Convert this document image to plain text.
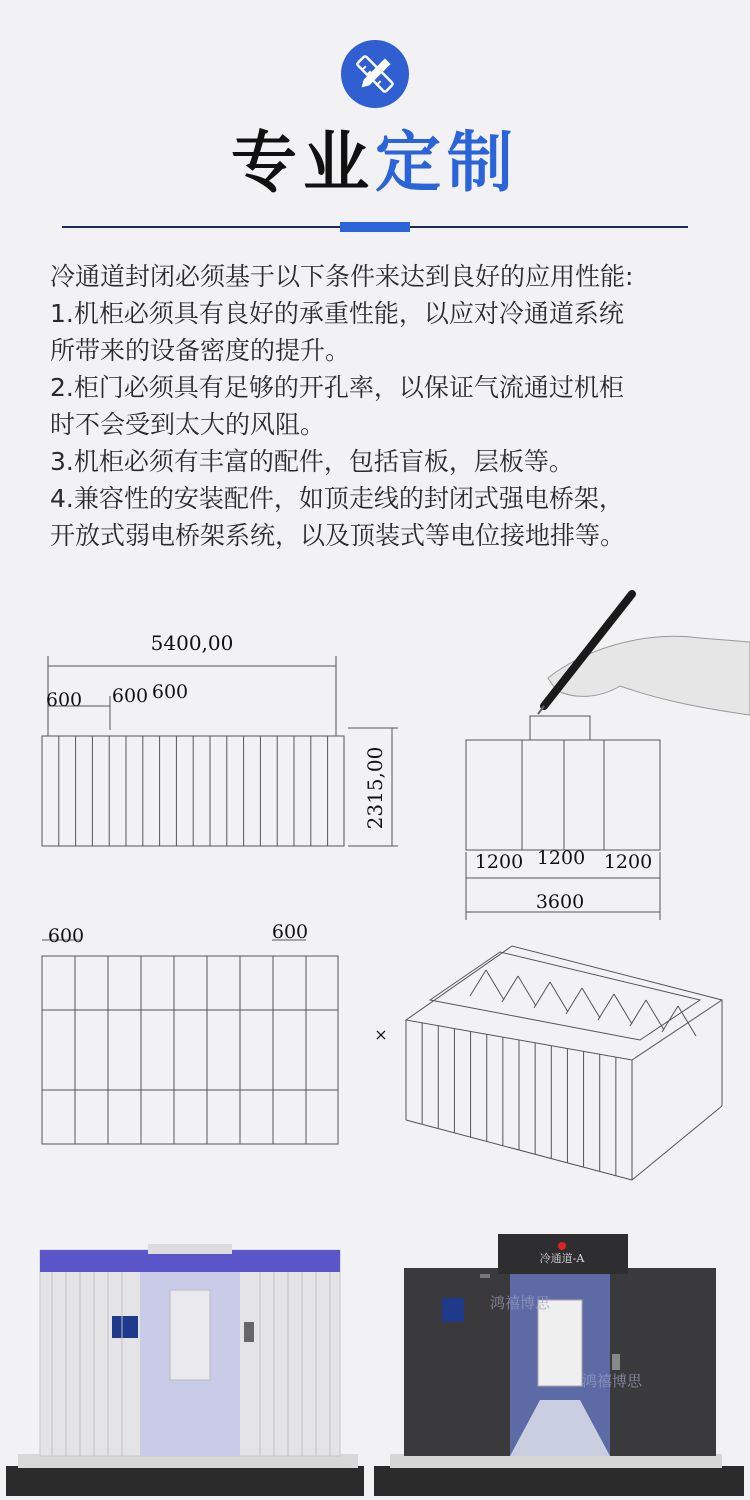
专业定制

冷通道封闭必须基于以下条件来达到良好的应用性能:

1.机柜必须具有良好的承重性能，以应对冷通道系统

所带来的设备密度的提升。

2.柜门必须具有足够的开孔率，以保证气流通过机柜

时不会受到太大的风阻。

3.机柜必须有丰富的配件，包括盲板，层板等。

4.兼容性的安装配件，如顶走线的封闭式强电桥架，

开放式弱电桥架系统，以及顶装式等电位接地排等。

5400,00
600 600 600
2315,00
1200 1200 1200
3600
600	600
×
冷通道-A
鸿禧博思
鸿禧博思
